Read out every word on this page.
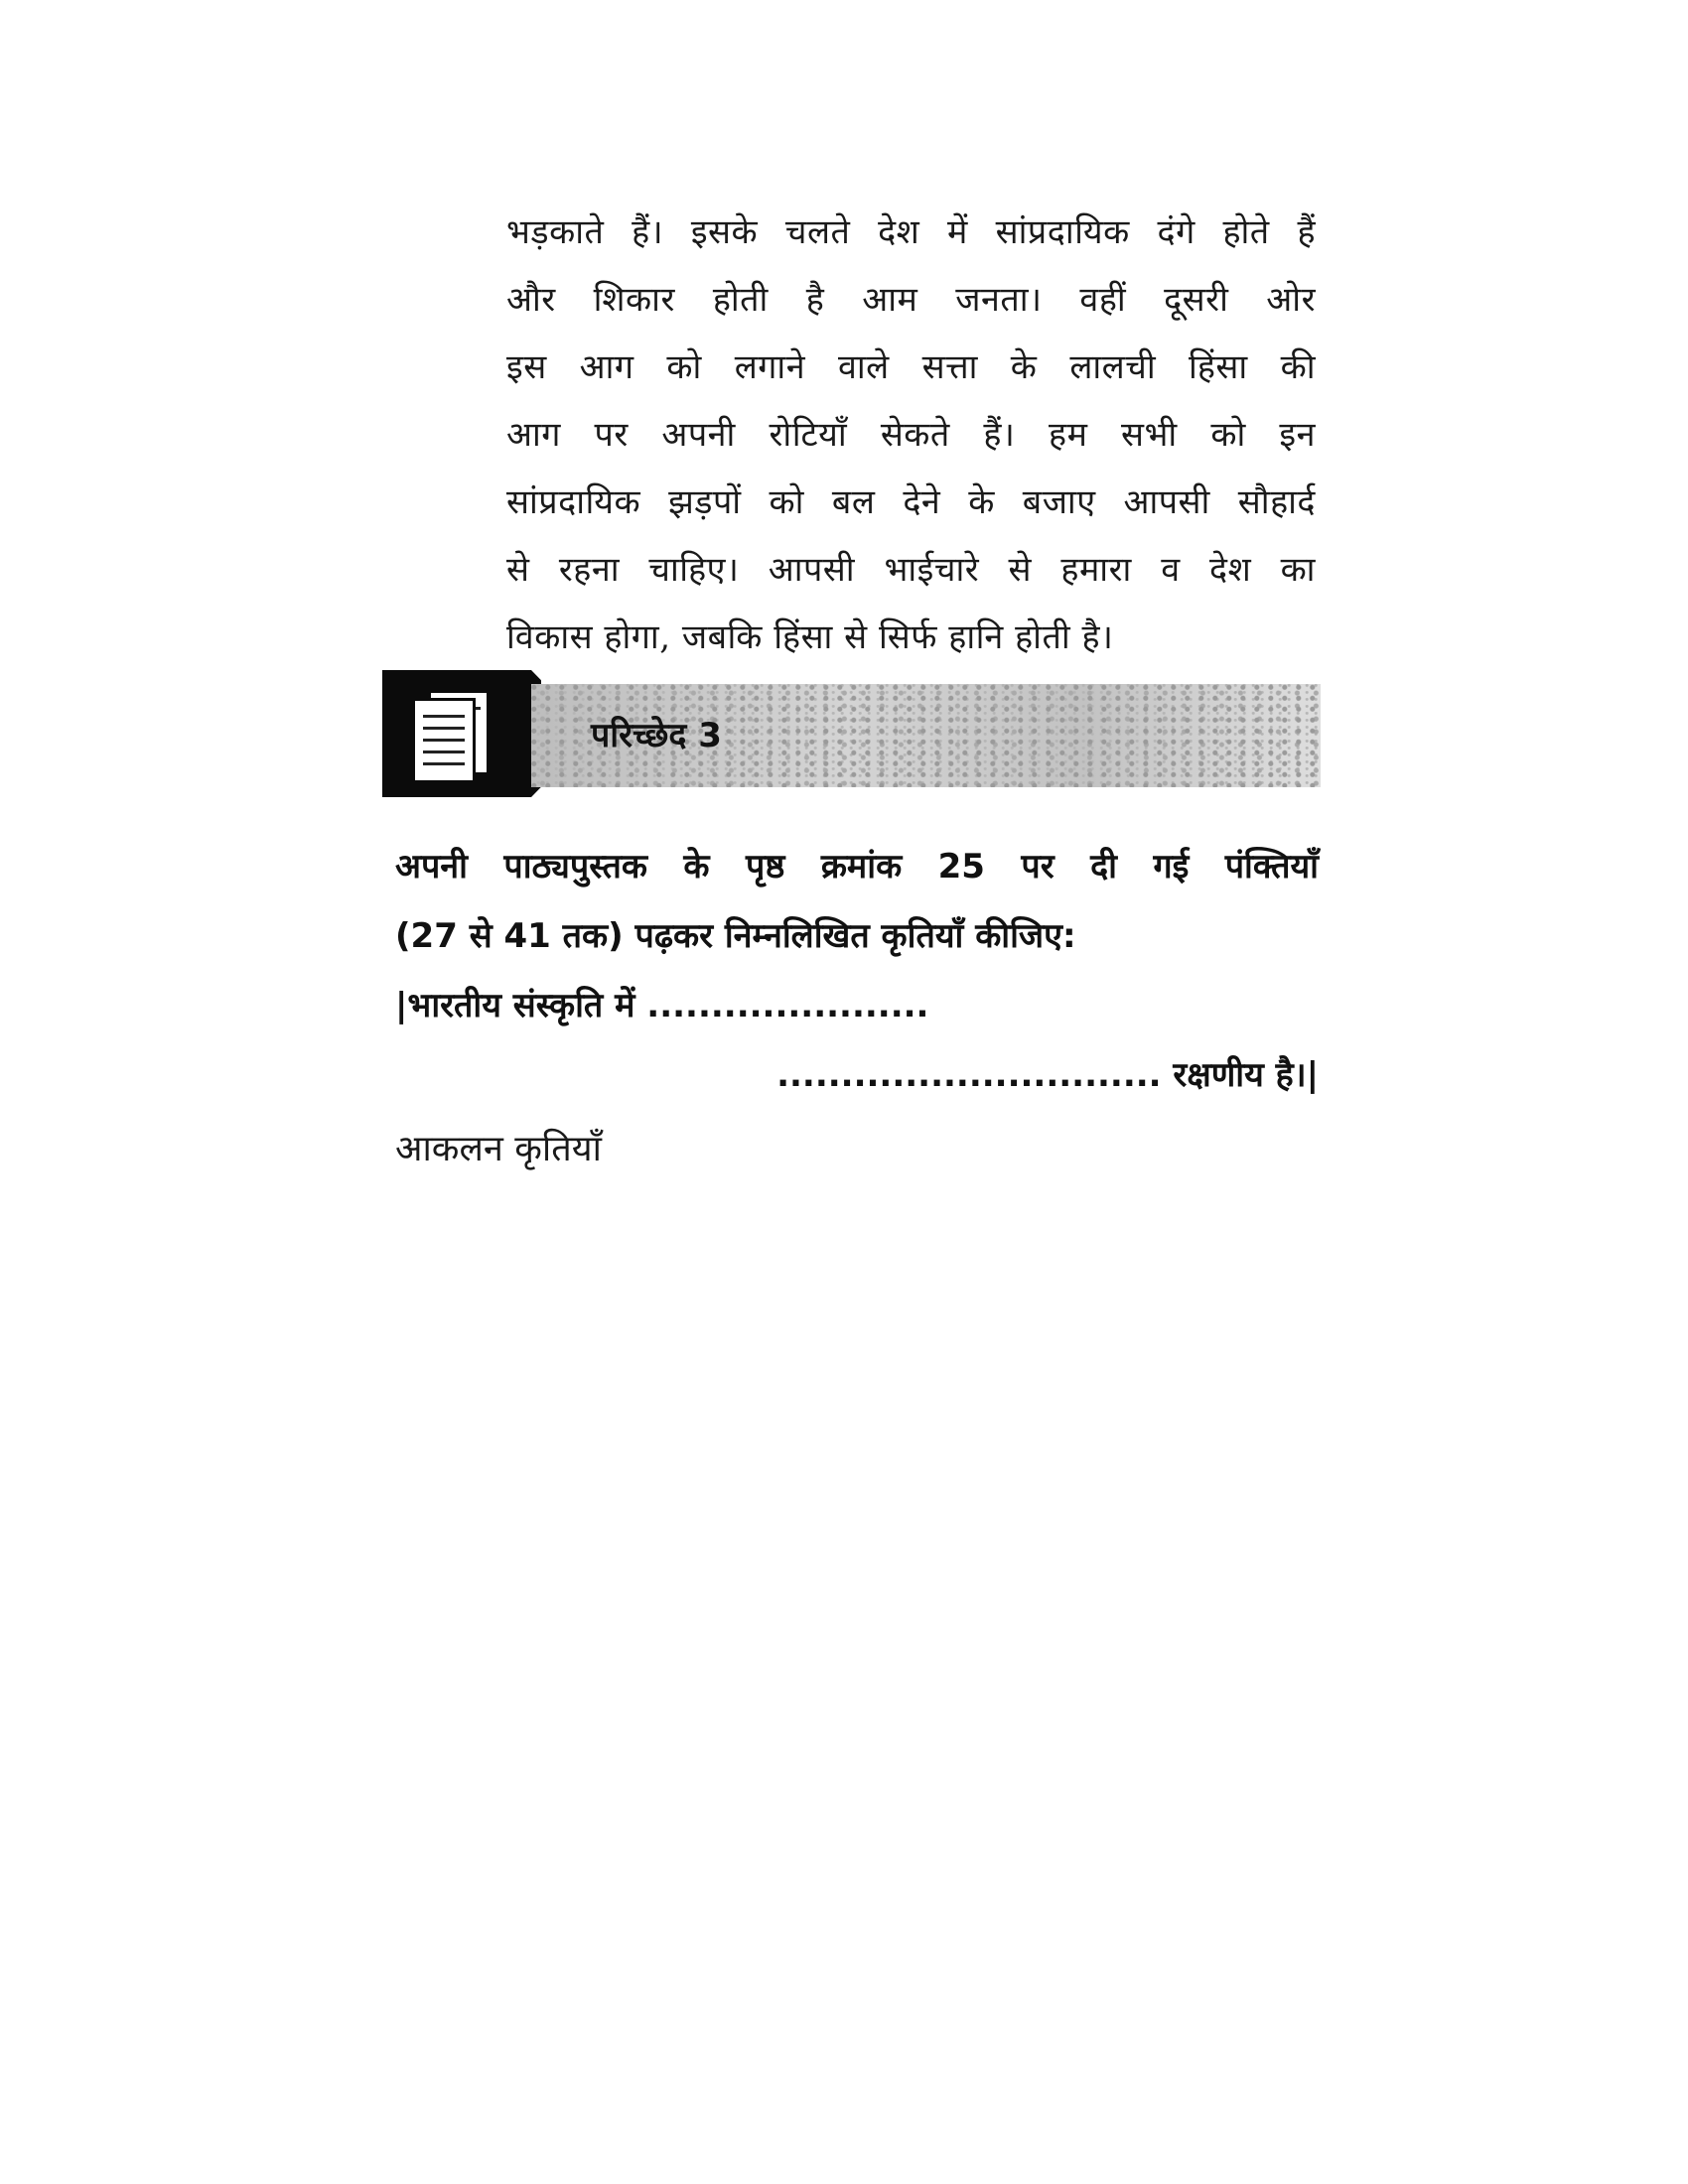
भड़काते हैं। इसके चलते देश में सांप्रदायिक दंगे होते हैं
और शिकार होती है आम जनता। वहीं दूसरी ओर
इस आग को लगाने वाले सत्ता के लालची हिंसा की
आग पर अपनी रोटियाँ सेकते हैं। हम सभी को इन
सांप्रदायिक झड़पों को बल देने के बजाए आपसी सौहार्द
से रहना चाहिए। आपसी भाईचारे से हमारा व देश का
विकास होगा, जबकि हिंसा से सिर्फ हानि होती है।
परिच्छेद 3
अपनी पाठ्यपुस्तक के पृष्ठ क्रमांक 25 पर दी गई पंक्तियाँ
(27 से 41 तक) पढ़कर निम्नलिखित कृतियाँ कीजिए:
|भारतीय संस्कृति में ......................
.............................. रक्षणीय है।|
आकलन कृतियाँ
